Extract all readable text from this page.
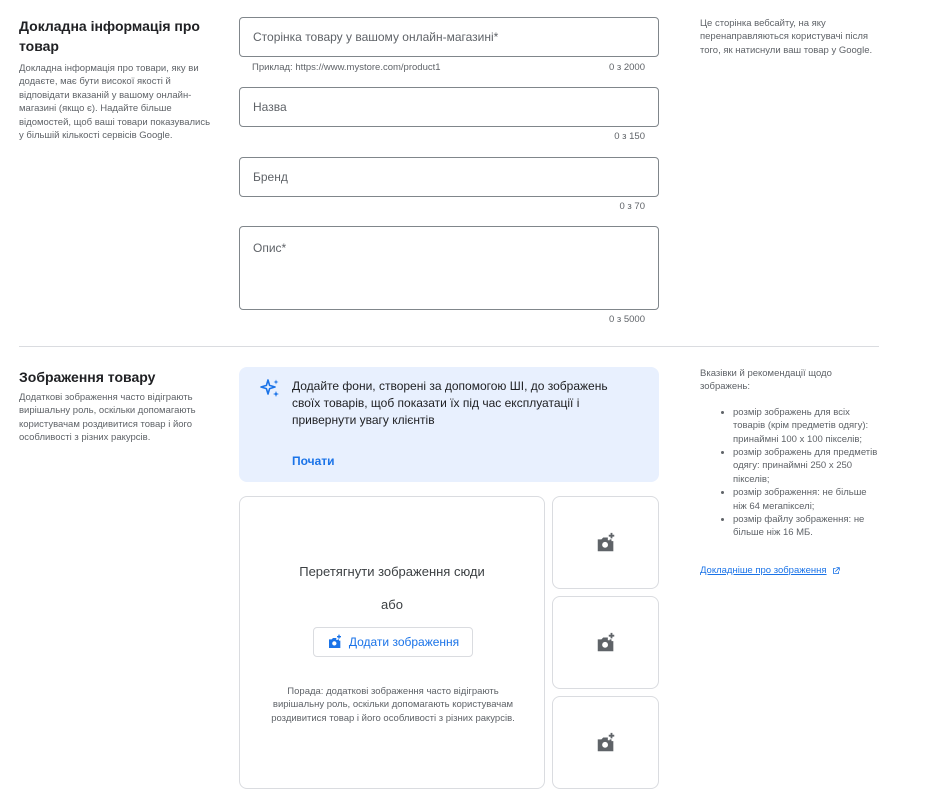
Докладна інформація про товар
Докладна інформація про товари, яку ви додаєте, має бути високої якості й відповідати вказаній у вашому онлайн-магазині (якщо є). Надайте більше відомостей, щоб ваші товари показувались у більшій кількості сервісів Google.
Сторінка товару у вашому онлайн-магазині*
Приклад: https://www.mystore.com/product1	0 з 2000
Назва
0 з 150
Бренд
0 з 70
Опис*
0 з 5000
Це сторінка вебсайту, на яку перенаправляються користувачі після того, як натиснули ваш товар у Google.
Зображення товару
Додаткові зображення часто відіграють вирішальну роль, оскільки допомагають користувачам роздивитися товар і його особливості з різних ракурсів.
Додайте фони, створені за допомогою ШІ, до зображень своїх товарів, щоб показати їх під час експлуатації і привернути увагу клієнтів
Почати
Перетягнути зображення сюди
або
Додати зображення
Порада: додаткові зображення часто відіграють вирішальну роль, оскільки допомагають користувачам роздивитися товар і його особливості з різних ракурсів.
Вказівки й рекомендації щодо зображень:
• розмір зображень для всіх товарів (крім предметів одягу): принаймні 100 x 100 пікселів;
• розмір зображень для предметів одягу: принаймні 250 x 250 пікселів;
• розмір зображення: не більше ніж 64 мегапікселі;
• розмір файлу зображення: не більше ніж 16 МБ.
Докладніше про зображення
